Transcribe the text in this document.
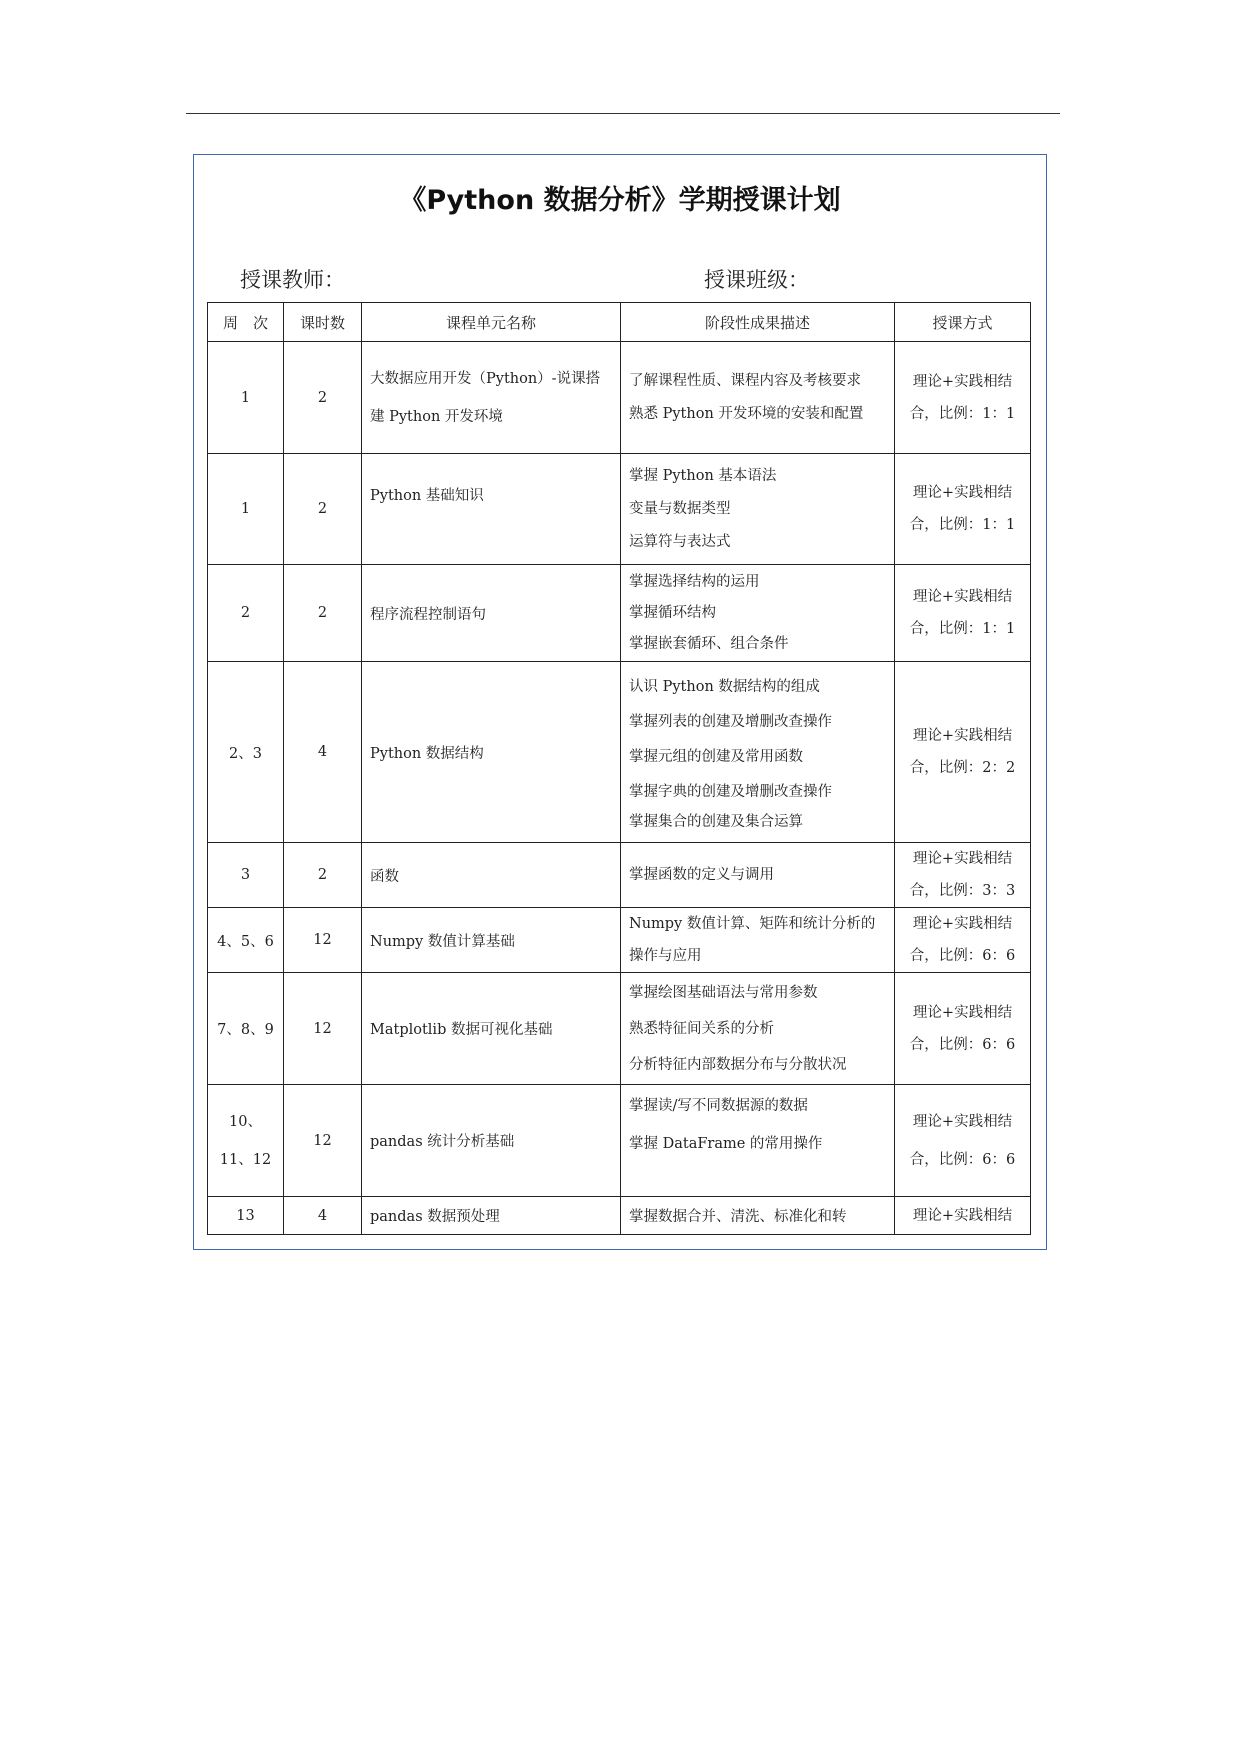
《Python 数据分析》学期授课计划
授课教师：	授课班级：
周　次	课时数	课程单元名称	阶段性成果描述	授课方式
1	2	大数据应用开发（Python）-说课搭建 Python 开发环境	了解课程性质、课程内容及考核要求
熟悉 Python 开发环境的安装和配置	理论+实践相结合，比例：1：1
1	2	Python 基础知识	掌握 Python 基本语法
变量与数据类型
运算符与表达式	理论+实践相结合，比例：1：1
2	2	程序流程控制语句	掌握选择结构的运用
掌握循环结构
掌握嵌套循环、组合条件	理论+实践相结合，比例：1：1
2、3	4	Python 数据结构	认识 Python 数据结构的组成
掌握列表的创建及增删改查操作
掌握元组的创建及常用函数
掌握字典的创建及增删改查操作
掌握集合的创建及集合运算	理论+实践相结合，比例：2：2
3	2	函数	掌握函数的定义与调用	理论+实践相结合，比例：3：3
4、5、6	12	Numpy 数值计算基础	Numpy 数值计算、矩阵和统计分析的操作与应用	理论+实践相结合，比例：6：6
7、8、9	12	Matplotlib 数据可视化基础	掌握绘图基础语法与常用参数
熟悉特征间关系的分析
分析特征内部数据分布与分散状况	理论+实践相结合，比例：6：6
10、11、12	12	pandas 统计分析基础	掌握读/写不同数据源的数据
掌握 DataFrame 的常用操作	理论+实践相结合，比例：6：6
13	4	pandas 数据预处理	掌握数据合并、清洗、标准化和转	理论+实践相结
